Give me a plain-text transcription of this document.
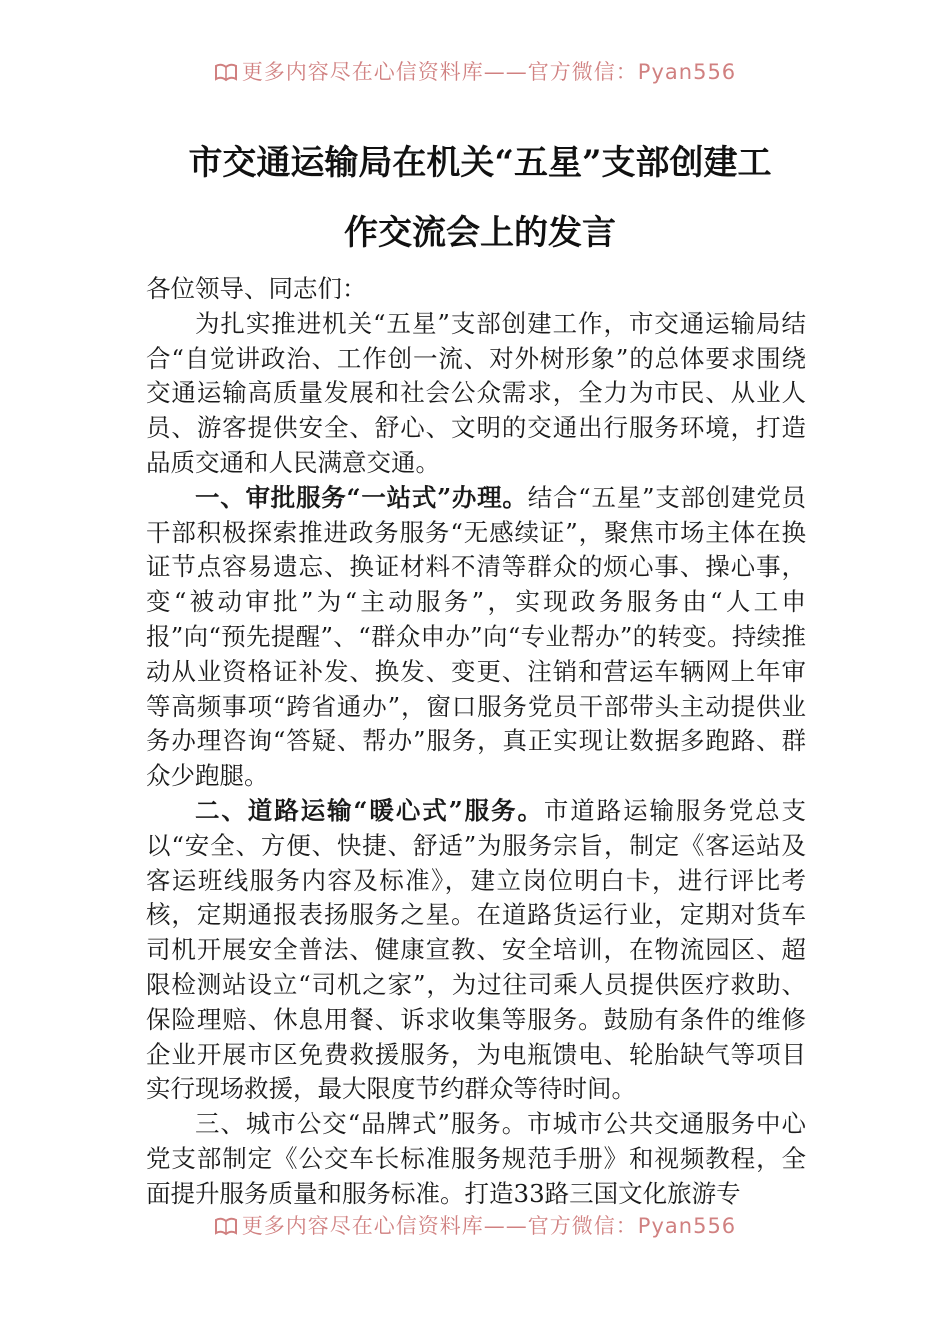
更多内容尽在心信资料库——官方微信：Pyan556
市交通运输局在机关“五星”支部创建工
作交流会上的发言

各位领导、同志们：

为扎实推进机关“五星”支部创建工作，市交通运输局结合“自觉讲政治、工作创一流、对外树形象”的总体要求围绕交通运输高质量发展和社会公众需求，全力为市民、从业人员、游客提供安全、舒心、文明的交通出行服务环境，打造品质交通和人民满意交通。

一、审批服务“一站式”办理。结合“五星”支部创建党员干部积极探索推进政务服务“无感续证”，聚焦市场主体在换证节点容易遗忘、换证材料不清等群众的烦心事、操心事，变“被动审批”为“主动服务”，实现政务服务由“人工申报”向“预先提醒”、“群众申办”向“专业帮办”的转变。持续推动从业资格证补发、换发、变更、注销和营运车辆网上年审等高频事项“跨省通办”，窗口服务党员干部带头主动提供业务办理咨询“答疑、帮办”服务，真正实现让数据多跑路、群众少跑腿。

二、道路运输“暖心式”服务。市道路运输服务党总支以“安全、方便、快捷、舒适”为服务宗旨，制定《客运站及客运班线服务内容及标准》，建立岗位明白卡，进行评比考核，定期通报表扬服务之星。在道路货运行业，定期对货车司机开展安全普法、健康宣教、安全培训，在物流园区、超限检测站设立“司机之家”，为过往司乘人员提供医疗救助、保险理赔、休息用餐、诉求收集等服务。鼓励有条件的维修企业开展市区免费救援服务，为电瓶馈电、轮胎缺气等项目实行现场救援，最大限度节约群众等待时间。

三、城市公交“品牌式”服务。市城市公共交通服务中心党支部制定《公交车长标准服务规范手册》和视频教程，全面提升服务质量和服务标准。打造33路三国文化旅游专

更多内容尽在心信资料库——官方微信：Pyan556
